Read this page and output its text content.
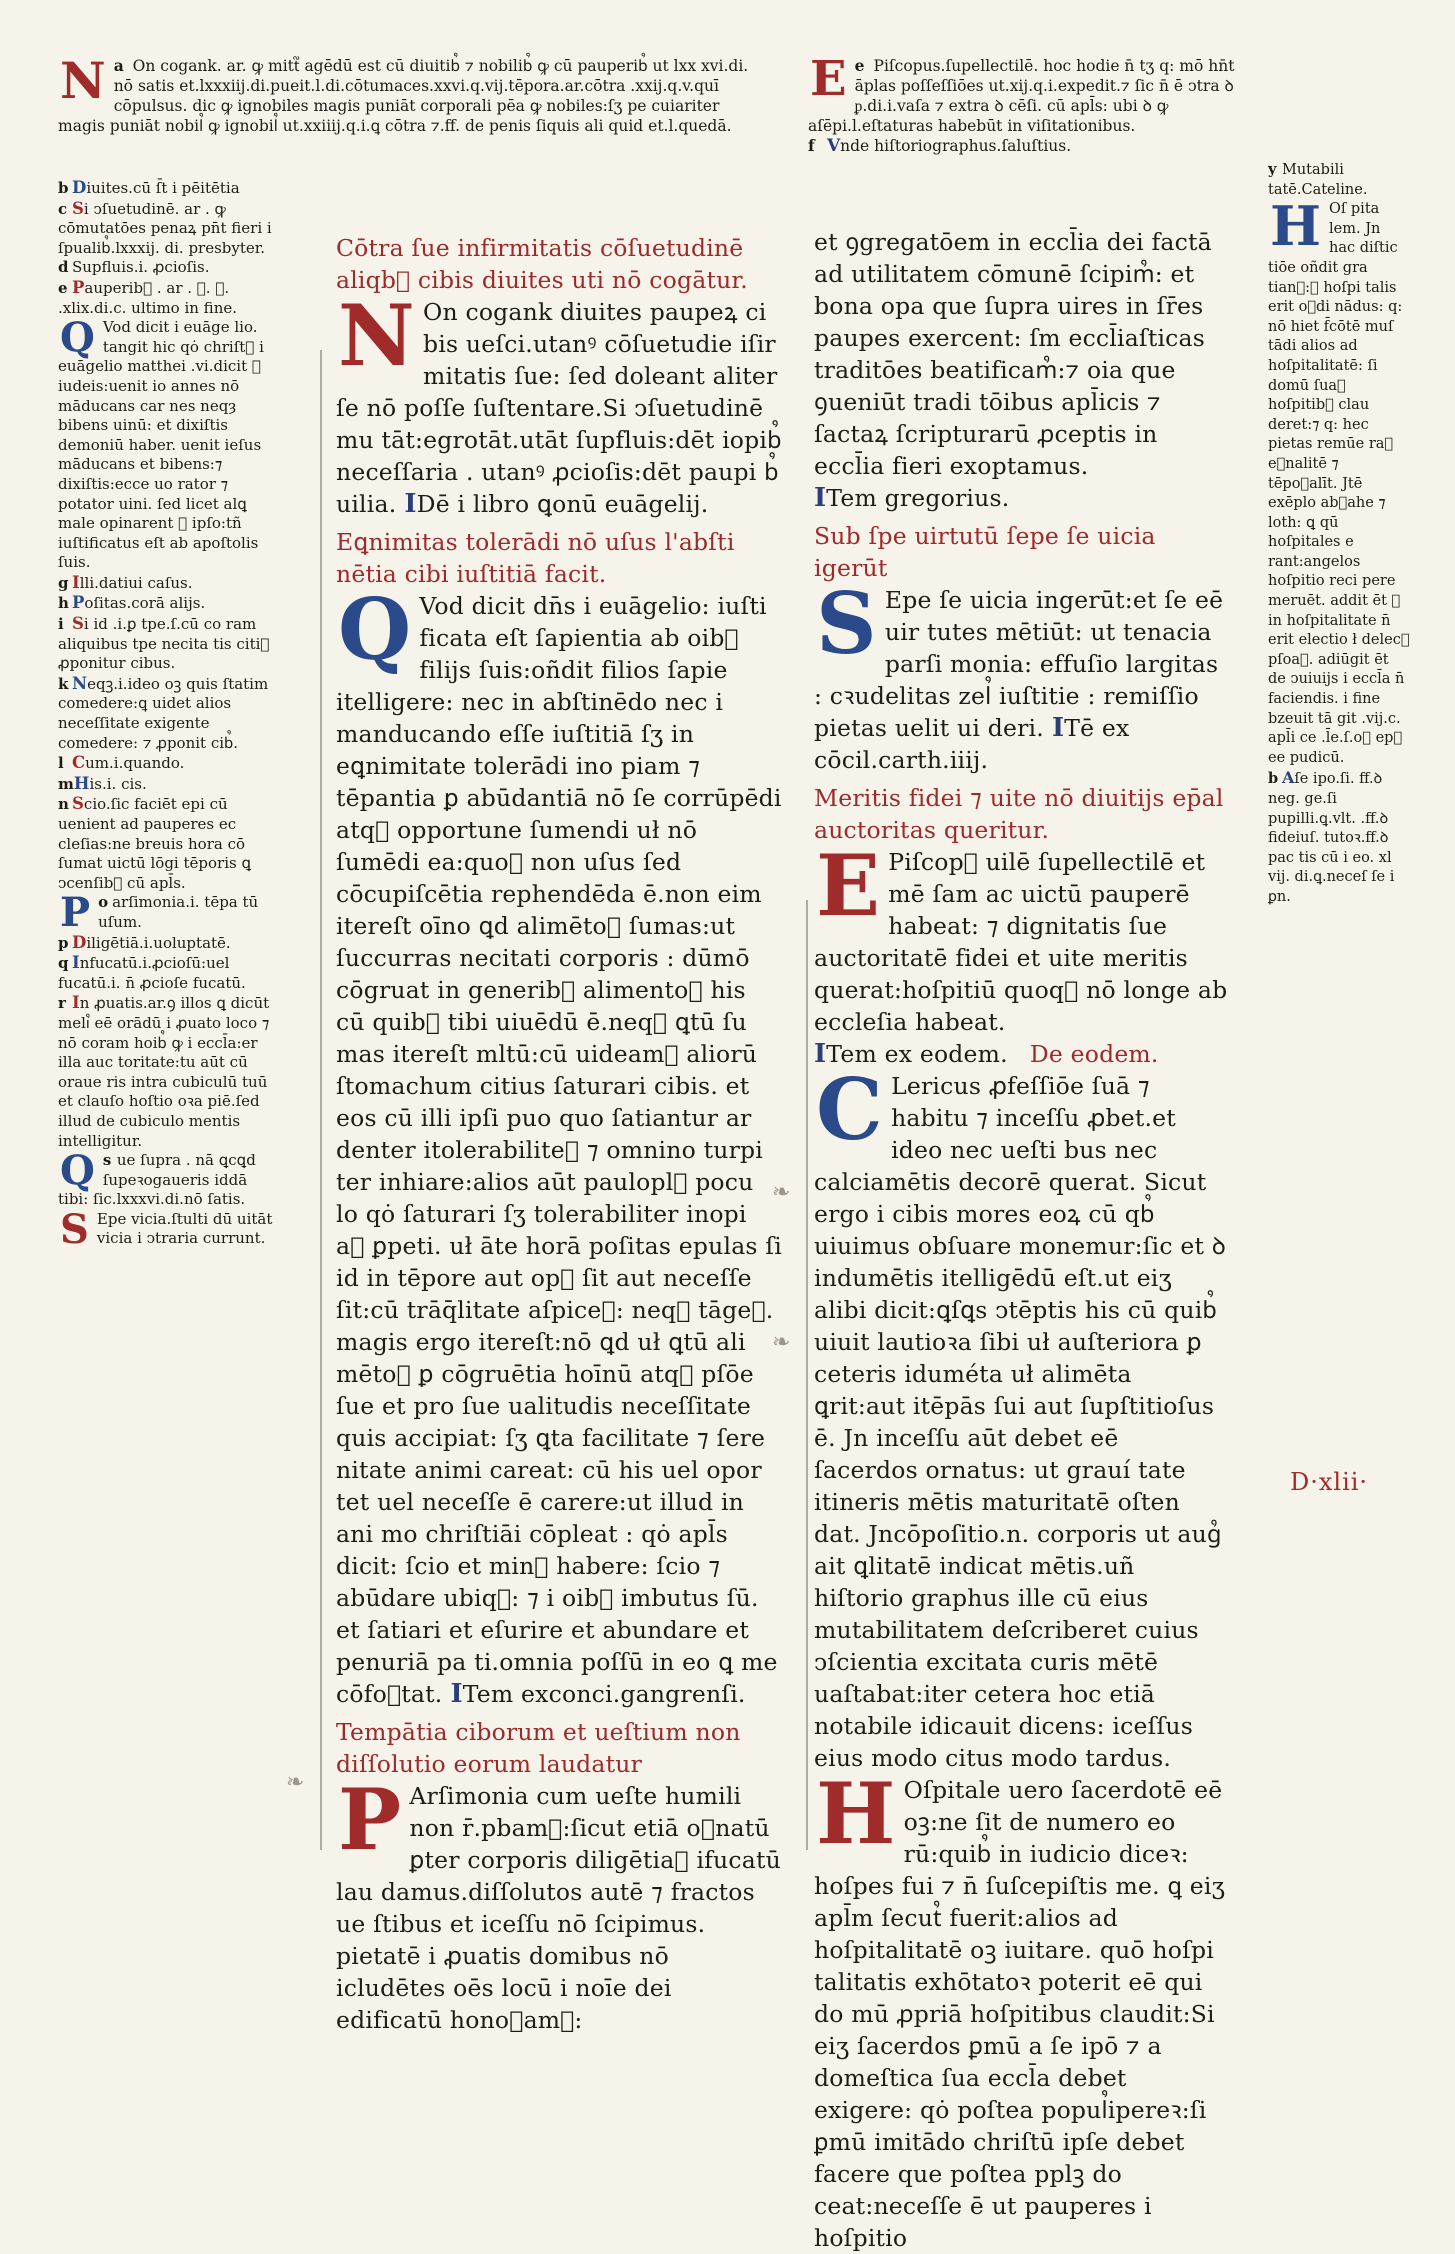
a
N On cogank. ar. ꝙ mitt᷑ agēdū est cū diuitib᷒ ⁊ nobilib᷒ ꝙ cū pauperib᷒ ut lxx xvi.di. nō satis et.lxxxiij.di.pueit.l.di.cōtumaces.xxvi.q.vij.tēpora.ar.cōtra .xxij.q.v.quī cōpulsus. dic ꝙ ignobiles magis puniāt corporali pēa ꝙ nobiles:ſʒ pe cuiariter magis puniāt nobil᷒ ꝙ ignobil᷒ ut.xxiiij.q.i.ꝗ cōtra ⁊.ff. de penis ſiquis ali quid et.l.quedā.

e
E Piſcopus.ſupellectilē. hoc hodie n̄ tʒ q: mō hn̄t āplas poſſeſſiōes ut.xij.q.i.expedit.⁊ ſic n̄ ē ↄtra ꝺ ᵱ.di.i.vaſa ⁊ extra ꝺ cēſi. cū apl̄s: ubi ꝺ ꝙ aſēpi.l.eſtaturas habebūt in viſitationibus.

f Vnde hiſtoriographus.ſaluſtius.

b Diuites.cū ſ̄t i pēitētia

c Si ↄſuetudinē. ar . ꝙ cōmutatōes penaꝝ pn̄t fieri i ſpualib᷒.lxxxij. di. presbyter.

d Supfluis.i. ꝓcioſis.

e Pauperib᷒ . ar . ꝯ. ꝭ. .xlix.di.c. ultimo in fine.

Q Vod dicit i euāge lio. tangit hic qȯ chriſt᷒ i euāgelio matthei .vi.dicit ꝺ iudeis:uenit io annes nō māducans car nes neqȝ bibens uinū: et dixiſtis demoniū haber. uenit ieſus māducans et bibens:⁊ dixiſtis:ecce uo rator ⁊ potator uini. ſed licet alꝗ male opinarent ꝺ ipſo:tñ iuſtificatus eſt ab apoſtolis ſuis.

g Illi.datiui caſus.

h Poſitas.corā alijs.

i Si id .i.ꝑ tpe.ſ.cū co ram aliquibus tpe necita tis citi᷒ ꝓponitur cibus.

k Neqꝫ.i.ideo oꝫ quis ſtatim comedere:ꝗ uidet alios neceſſitate exigente comedere: ⁊ ꝓponit cib᷒.

l Cum.i.quando.

mHis.i. cis.

n Scio.ſic faciēt epi cū uenient ad pauperes ec cleſias:ne breuis hora cō ſumat uictū lōgi tēporis ꝗ ↄcenſib᷒ cū apl̄s.

o
P arſimonia.i. tēpa tū uſum.

p Diligētiā.i.uoluptatē.

q Infucatū.i.ꝓcioſū:uel fucatū.i. n̄ ꝓcioſe fucatū.

r In ꝓuatis.ar.ꝯ illos ꝗ dicūt meli᷒ eē orādū i ꝓuato loco ⁊ nō coram hoib᷒ ꝙ i eccl̄a:er illa auc toritate:tu aūt cū oraue ris intra cubiculū tuū et clauſo hoſtio oꝛa piē.ſed illud de cubiculo mentis intelligitur.

s
Q ue ſupra . nā ꝗcꝗd ſupeꝛogaueris iddā tibi: ſic.lxxxvi.di.nō ſatis.

S Epe vicia.ſtulti dū uitāt vicia i ↄtraria currunt.

y Mutabili tatē.Cateline.

H Oſ pita lem. Jn hac diſtic tiōe oñdit gra tian᷒:ꝙ hoſpi talis erit oꝛdi nādus: q: nō hiet f̄cōtē muſ tādi alios ad hoſpitalitatē: ſi domū ſuaꝫ hoſpitib᷒ clau deret:⁊ q: hec pietas remūe raꝛ eꝛnalitē ⁊ tēpoꝛalīt. Jtē exēplo abꝛahe ⁊ loth: ꝗ qū hoſpitales e rant:angelos hoſpitio reci pere meruēt. addit ēt ꝙ in hoſpitalitate n̄ erit electio ł delecꝰ pſoaꝝ. adiūgit ēt de ↄuiuijs i eccl̄a n̄ faciendis. i fine bzeuit tā git .vij.c. apl̄i ce .l̄e.ſ.oꝫ epꝫ ee pudicū.

b Aſe ipo.ſi. ff.ꝺ neg. ge.ſi pupilli.ꝗ.vlt. .ff.ꝺ fideiuſ. tutoꝛ.ff.ꝺ pac tis cū i eo. xl vij. di.ꝗ.neceſ ſe i ꝑn.

❧
❧
❧

Cōtra ſue infirmitatis cōſuetudinē aliqb᷒ cibis diuites uti nō cogātur.

N On cogank diuites paupeꝝ ci bis ueſci.utanꝰ cōſuetudie iſir mitatis ſue: ſed doleant aliter ſe nō poſſe ſuſtentare.Si ↄſuetudinē mu tāt:egrotāt.utāt ſupfluis:dēt iopib᷒ neceſſaria . utanꝰ ꝓcioſis:dēt paupi b᷒ uilia. IDē i libro ꝗonū euāgelij.

Eꝗnimitas tolerādi nō uſus l'abſti nētia cibi iuſtitiā facit.

Q Vod dicit dn̄s i euāgelio: iuſti ficata eſt ſapientia ab oib᷒ filijs ſuis:oñdit filios ſapie itelligere: nec in abſtinēdo nec i manducando eſſe iuſtitiā ſʒ in eꝗnimitate tolerādi ino piam ⁊ tēpantia ꝑ abūdantiā nō ſe corrūpēdi atqꝫ opportune ſumendi uł nō ſumēdi ea:quoꝝ non uſus ſed cōcupiſcētia rephendēda ē.non eim itereſt oīno ꝗd alimētoꝝ ſumas:ut ſuccurras necitati corporis : dūmō cōgruat in generib᷒ alimentoꝝ his cū quib᷒ tibi uiuēdū ē.neqꝫ ꝗtū ſu mas itereſt mltū:cū uideam᷒ aliorū ſtomachum citius ſaturari cibis. et eos cū illi ipſi puo quo ſatiantur ar denter itolerabiliteꝛ ⁊ omnino turpi ter inhiare:alios aūt paulopl᷒ pocu lo qȯ ſaturari ſʒ tolerabiliter inopi aꝫ ꝑpeti. uł āte horā poſitas epulas ſi id in tēpore aut op᷒ ſit aut neceſſe ſit:cū trāq̄litate aſpiceꝛ: neqꝫ tāgeꝛ. magis ergo itereſt:nō ꝗd uł ꝗtū ali mētoꝝ ꝑ cōgruētia hoīnū atqꝫ pſōe ſue et pro ſue ualitudis neceſſitate quis accipiat: ſʒ ꝗta facilitate ⁊ ſere nitate animi careat: cū his uel opor tet uel neceſſe ē carere:ut illud in ani mo chriſtiāi cōpleat : qȯ apl̄s dicit: ſcio et min᷒ habere: ſcio ⁊ abūdare ubiqꝫ: ⁊ i oib᷒ imbutus ſū. et ſatiari et eſurire et abundare et penuriā pa ti.omnia poſſū in eo ꝗ me cōfoꝛtat. ITem exconci.gangrenſi.

Tempātia ciborum et ueſtium non diſſolutio eorum laudatur

P Arſimonia cum ueſte humili non r̄.pbam᷒:ſicut etiā oꝛnatū ꝑter corporis diligētiaꝫ ifucatū lau damus.diſſolutos autē ⁊ fractos ue ſtibus et iceſſu nō ſcipimus. pietatē i ꝓuatis domibus nō icludētes oēs locū i noīe dei edificatū honoꝛam᷒:

et ꝯgregatōem in eccl̄ia dei factā ad utilitatem cōmunē ſcipim᷒: et bona opa que ſupra uires in ſr̄es paupes exercent: ſm eccl̄iaſticas traditōes beatificam᷒:⁊ oia que ꝯueniūt tradi tōibus apl̄icis ⁊ ſactaꝝ ſcripturarū ꝓceptis in eccl̄ia fieri exoptamus.

ITem gregorius.

Sub ſpe uirtutū ſepe ſe uicia igerūt

S Epe ſe uicia ingerūt:et ſe eē uir tutes mētiūt: ut tenacia parſi monia: effuſio largitas : cꝛudelitas zel᷒ iuſtitie : remiſſio pietas uelit ui deri. ITē ex cōcil.carth.iiij.

Meritis fidei ⁊ uite nō diuitijs ep̄al auctoritas queritur.

E Piſcop᷒ uilē ſupellectilē et mē ſam ac uictū pauperē habeat: ⁊ dignitatis ſue auctoritatē fidei et uite meritis querat:hoſpitiū quoqꝫ nō longe ab eccleſia habeat.

ITem ex eodem. De eodem.

C Lericus ꝓfeſſiōe ſuā ⁊ habitu ⁊ inceſſu ꝓbet.et ideo nec ueſti bus nec calciamētis decorē querat. Sicut ergo i cibis mores eoꝝ cū qb᷒ uiuimus obſuare monemur:ſic et ꝺ indumētis itelligēdū eſt.ut eiʒ alibi dicit:ꝗſꝗs ↄtēptis his cū quib᷒ uiuit lautioꝛa ſibi uł auſteriora ꝑ ceteris iduméta uł alimēta ꝗrit:aut itēpās ſui aut ſupſtitioſus ē. Jn inceſſu aūt debet eē ſacerdos ornatus: ut grauí tate itineris mētis maturitatē oſten dat. Jncōpoſitio.n. corporis ut aug᷒ ait ꝗlitatē indicat mētis.uñ hiſtorio graphus ille cū eius mutabilitatem deſcriberet cuius ↄſcientia excitata curis mētē uaſtabat:iter cetera hoc etiā notabile idicauit dicens: iceſſus eius modo citus modo tardus.

H Oſpitale uero ſacerdotē eē oꝫ:ne ſit de numero eo rū:quib᷒ in iudicio diceꝛ: hoſpes fui ⁊ n̄ ſuſcepiſtis me. ꝗ eiʒ apl̄m ſecut᷒ fuerit:alios ad hoſpitalitatē oꝫ iuitare. quō hoſpi talitatis exhōtatoꝛ poterit eē qui do mū ꝓpriā hoſpitibus claudit:Si eiʒ ſacerdos ꝑmū a ſe ipō ⁊ a domeſtica ſua eccl̄a debet exigere: qȯ poſtea popul᷒ipereꝛ:ſi ꝑmū imitādo chriſtū ipſe debet facere que poſtea pplꝫ do ceat:neceſſe ē ut pauperes i hoſpitio

D·xlii·
